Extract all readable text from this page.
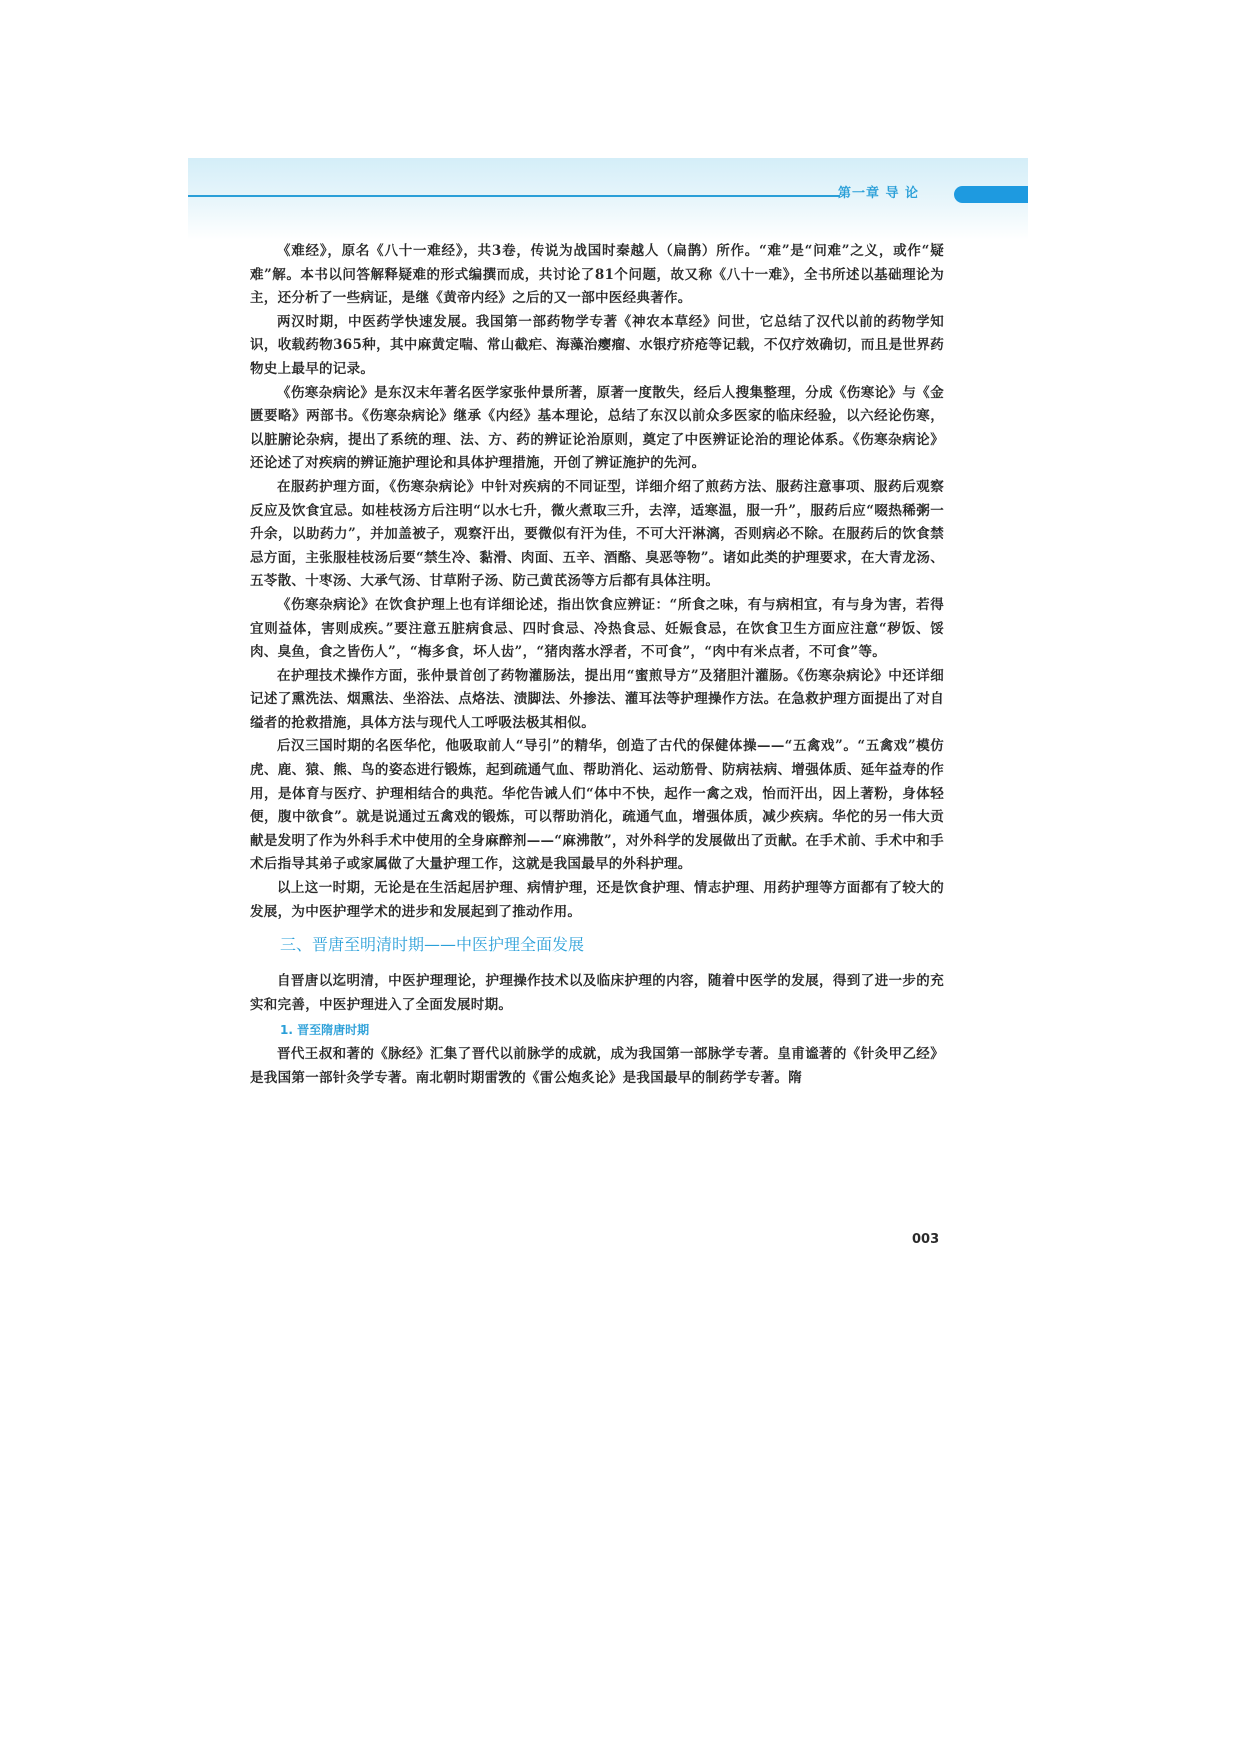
第一章 导 论

《难经》，原名《八十一难经》，共3卷，传说为战国时秦越人（扁鹊）所作。“难”是“问难”之义，或作“疑难”解。本书以问答解释疑难的形式编撰而成，共讨论了81个问题，故又称《八十一难》，全书所述以基础理论为主，还分析了一些病证，是继《黄帝内经》之后的又一部中医经典著作。

两汉时期，中医药学快速发展。我国第一部药物学专著《神农本草经》问世，它总结了汉代以前的药物学知识，收载药物365种，其中麻黄定喘、常山截疟、海藻治瘿瘤、水银疗疥疮等记载，不仅疗效确切，而且是世界药物史上最早的记录。

《伤寒杂病论》是东汉末年著名医学家张仲景所著，原著一度散失，经后人搜集整理，分成《伤寒论》与《金匮要略》两部书。《伤寒杂病论》继承《内经》基本理论，总结了东汉以前众多医家的临床经验，以六经论伤寒，以脏腑论杂病，提出了系统的理、法、方、药的辨证论治原则，奠定了中医辨证论治的理论体系。《伤寒杂病论》还论述了对疾病的辨证施护理论和具体护理措施，开创了辨证施护的先河。

在服药护理方面，《伤寒杂病论》中针对疾病的不同证型，详细介绍了煎药方法、服药注意事项、服药后观察反应及饮食宜忌。如桂枝汤方后注明“以水七升，微火煮取三升，去滓，适寒温，服一升”，服药后应“啜热稀粥一升余，以助药力”，并加盖被子，观察汗出，要微似有汗为佳，不可大汗淋漓，否则病必不除。在服药后的饮食禁忌方面，主张服桂枝汤后要“禁生冷、黏滑、肉面、五辛、酒酪、臭恶等物”。诸如此类的护理要求，在大青龙汤、五苓散、十枣汤、大承气汤、甘草附子汤、防己黄芪汤等方后都有具体注明。

《伤寒杂病论》在饮食护理上也有详细论述，指出饮食应辨证：“所食之味，有与病相宜，有与身为害，若得宜则益体，害则成疾。”要注意五脏病食忌、四时食忌、冷热食忌、妊娠食忌，在饮食卫生方面应注意“秽饭、馁肉、臭鱼，食之皆伤人”，“梅多食，坏人齿”，“猪肉落水浮者，不可食”，“肉中有米点者，不可食”等。

在护理技术操作方面，张仲景首创了药物灌肠法，提出用“蜜煎导方”及猪胆汁灌肠。《伤寒杂病论》中还详细记述了熏洗法、烟熏法、坐浴法、点烙法、渍脚法、外掺法、灌耳法等护理操作方法。在急救护理方面提出了对自缢者的抢救措施，具体方法与现代人工呼吸法极其相似。

后汉三国时期的名医华佗，他吸取前人“导引”的精华，创造了古代的保健体操——“五禽戏”。“五禽戏”模仿虎、鹿、猿、熊、鸟的姿态进行锻炼，起到疏通气血、帮助消化、运动筋骨、防病祛病、增强体质、延年益寿的作用，是体育与医疗、护理相结合的典范。华佗告诫人们“体中不快，起作一禽之戏，怡而汗出，因上著粉，身体轻便，腹中欲食”。就是说通过五禽戏的锻炼，可以帮助消化，疏通气血，增强体质，减少疾病。华佗的另一伟大贡献是发明了作为外科手术中使用的全身麻醉剂——“麻沸散”，对外科学的发展做出了贡献。在手术前、手术中和手术后指导其弟子或家属做了大量护理工作，这就是我国最早的外科护理。

以上这一时期，无论是在生活起居护理、病情护理，还是饮食护理、情志护理、用药护理等方面都有了较大的发展，为中医护理学术的进步和发展起到了推动作用。

三、晋唐至明清时期——中医护理全面发展

自晋唐以迄明清，中医护理理论，护理操作技术以及临床护理的内容，随着中医学的发展，得到了进一步的充实和完善，中医护理进入了全面发展时期。

1. 晋至隋唐时期

晋代王叔和著的《脉经》汇集了晋代以前脉学的成就，成为我国第一部脉学专著。皇甫谧著的《针灸甲乙经》是我国第一部针灸学专著。南北朝时期雷敩的《雷公炮炙论》是我国最早的制药学专著。隋

003
